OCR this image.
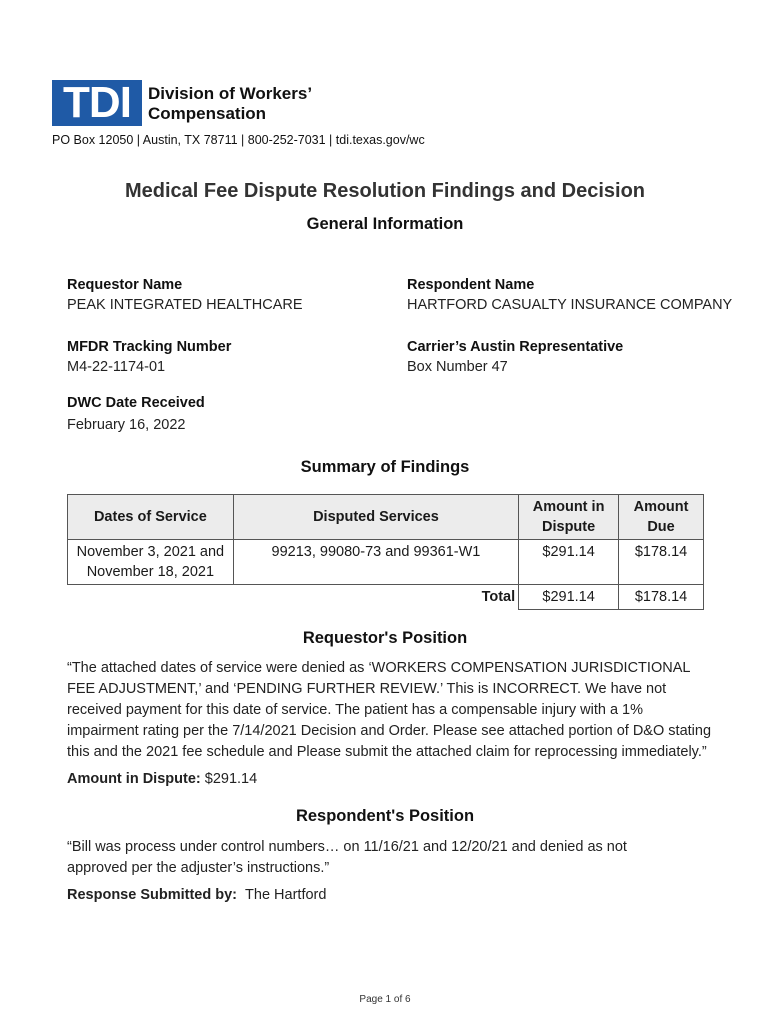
TDI	Division of Workers’
Compensation
PO Box 12050 | Austin, TX 78711 | 800-252-7031 | tdi.texas.gov/wc
Medical Fee Dispute Resolution Findings and Decision
General Information
Requestor Name
PEAK INTEGRATED HEALTHCARE
Respondent Name
HARTFORD CASUALTY INSURANCE COMPANY
MFDR Tracking Number
M4-22-1174-01
Carrier’s Austin Representative
Box Number 47
DWC Date Received
February 16, 2022
Summary of Findings
Dates of Service	Disputed Services	Amount in Dispute	Amount Due
November 3, 2021 and November 18, 2021	99213, 99080-73 and 99361-W1	$291.14	$178.14
	Total	$291.14	$178.14
Requestor's Position
“The attached dates of service were denied as ‘WORKERS COMPENSATION JURISDICTIONAL FEE ADJUSTMENT,’ and ‘PENDING FURTHER REVIEW.’ This is INCORRECT. We have not received payment for this date of service. The patient has a compensable injury with a 1% impairment rating per the 7/14/2021 Decision and Order. Please see attached portion of D&O stating this and the 2021 fee schedule and Please submit the attached claim for reprocessing immediately.”
Amount in Dispute: $291.14
Respondent's Position
“Bill was process under control numbers… on 11/16/21 and 12/20/21 and denied as not approved per the adjuster’s instructions.”
Response Submitted by: The Hartford
Page 1 of 6
